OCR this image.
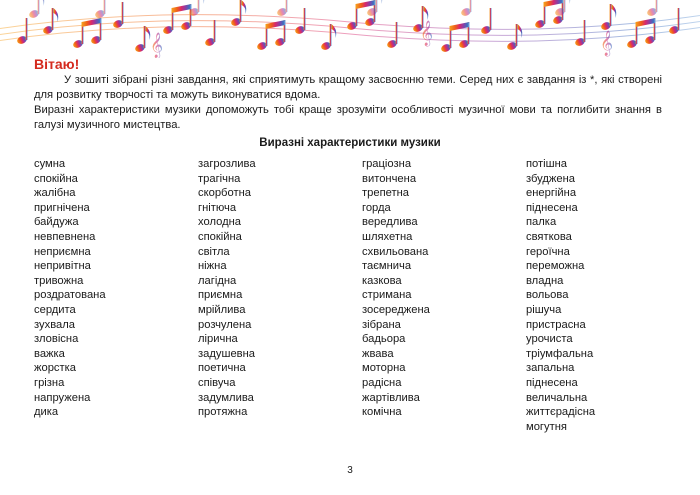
𝄞	𝄞	𝄞
Вітаю!

У зошиті зібрані різні завдання, які сприятимуть кращому засвоєнню теми. Серед них є завдання із *, які створені для розвитку творчості та можуть виконуватися вдома.

Виразні характеристики музики допоможуть тобі краще зрозуміти особливості музичної мови та поглибити знання в галузі музичного мистецтва.

Виразні характеристики музики
сумна
спокійна
жалібна
пригнічена
байдужа
невпевнена
неприємна
непривітна
тривожна
роздратована
сердита
зухвала
зловісна
важка
жорстка
грізна
напружена
дика
загрозлива
трагічна
скорботна
гнітюча
холодна
спокійна
світла
ніжна
лагідна
приємна
мрійлива
розчулена
лірична
задушевна
поетична
співуча
задумлива
протяжна
граціозна
витончена
трепетна
горда
вередлива
шляхетна
схвильована
таємнича
казкова
стримана
зосереджена
зібрана
бадьора
жвава
моторна
радісна
жартівлива
комічна
потішна
збуджена
енергійна
піднесена
палка
святкова
героїчна
переможна
владна
вольова
рішуча
пристрасна
урочиста
тріумфальна
запальна
піднесена
величальна
життєрадісна
могутня
3
